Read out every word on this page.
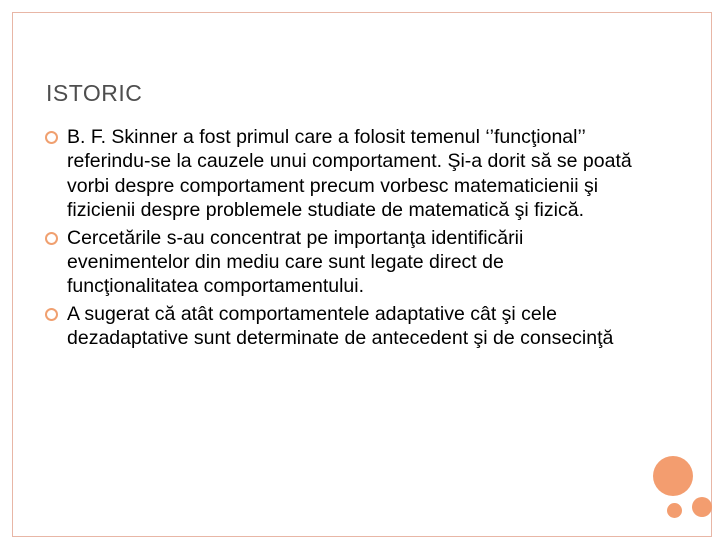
ISTORIC
B. F. Skinner a fost primul care a folosit temenul ‘’funcţional’’ referindu-se la cauzele unui comportament. Şi-a dorit să se poată vorbi despre comportament precum vorbesc matematicienii şi fizicienii despre problemele studiate de matematică şi fizică.
Cercetările s-au concentrat pe importanţa identificării evenimentelor din mediu care sunt legate direct de funcţionalitatea comportamentului.
A sugerat că atât comportamentele adaptative cât şi cele dezadaptative sunt determinate de antecedent şi de consecinţă
